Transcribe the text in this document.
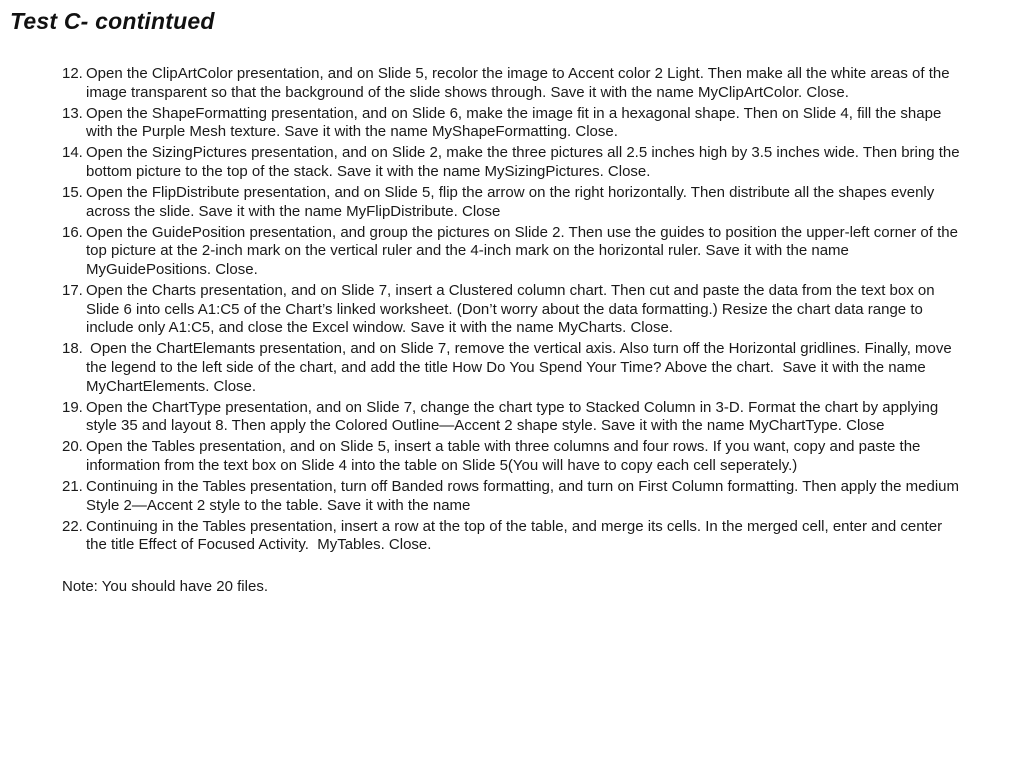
Test C- contintued
12. Open the ClipArtColor presentation, and on Slide 5, recolor the image to Accent color 2 Light. Then make all the white areas of the image transparent so that the background of the slide shows through. Save it with the name MyClipArtColor. Close.
13. Open the ShapeFormatting presentation, and on Slide 6, make the image fit in a hexagonal shape. Then on Slide 4, fill the shape with the Purple Mesh texture. Save it with the name MyShapeFormatting. Close.
14. Open the SizingPictures presentation, and on Slide 2, make the three pictures all 2.5 inches high by 3.5 inches wide. Then bring the bottom picture to the top of the stack. Save it with the name MySizingPictures. Close.
15. Open the FlipDistribute presentation, and on Slide 5, flip the arrow on the right horizontally. Then distribute all the shapes evenly across the slide. Save it with the name MyFlipDistribute. Close
16. Open the GuidePosition presentation, and group the pictures on Slide 2. Then use the guides to position the upper-left corner of the top picture at the 2-inch mark on the vertical ruler and the 4-inch mark on the horizontal ruler. Save it with the name MyGuidePositions. Close.
17. Open the Charts presentation, and on Slide 7, insert a Clustered column chart. Then cut and paste the data from the text box on Slide 6 into cells A1:C5 of the Chart’s linked worksheet. (Don’t worry about the data formatting.) Resize the chart data range to include only A1:C5, and close the Excel window. Save it with the name MyCharts. Close.
18. Open the ChartElemants presentation, and on Slide 7, remove the vertical axis. Also turn off the Horizontal gridlines. Finally, move the legend to the left side of the chart, and add the title How Do You Spend Your Time? Above the chart.  Save it with the name MyChartElements. Close.
19. Open the ChartType presentation, and on Slide 7, change the chart type to Stacked Column in 3-D. Format the chart by applying style 35 and layout 8. Then apply the Colored Outline—Accent 2 shape style. Save it with the name MyChartType. Close
20. Open the Tables presentation, and on Slide 5, insert a table with three columns and four rows. If you want, copy and paste the information from the text box on Slide 4 into the table on Slide 5(You will have to copy each cell seperately.)
21. Continuing in the Tables presentation, turn off Banded rows formatting, and turn on First Column formatting. Then apply the medium Style 2—Accent 2 style to the table. Save it with the name
22. Continuing in the Tables presentation, insert a row at the top of the table, and merge its cells. In the merged cell, enter and center the title Effect of Focused Activity.  MyTables. Close.

Note: You should have 20 files.
